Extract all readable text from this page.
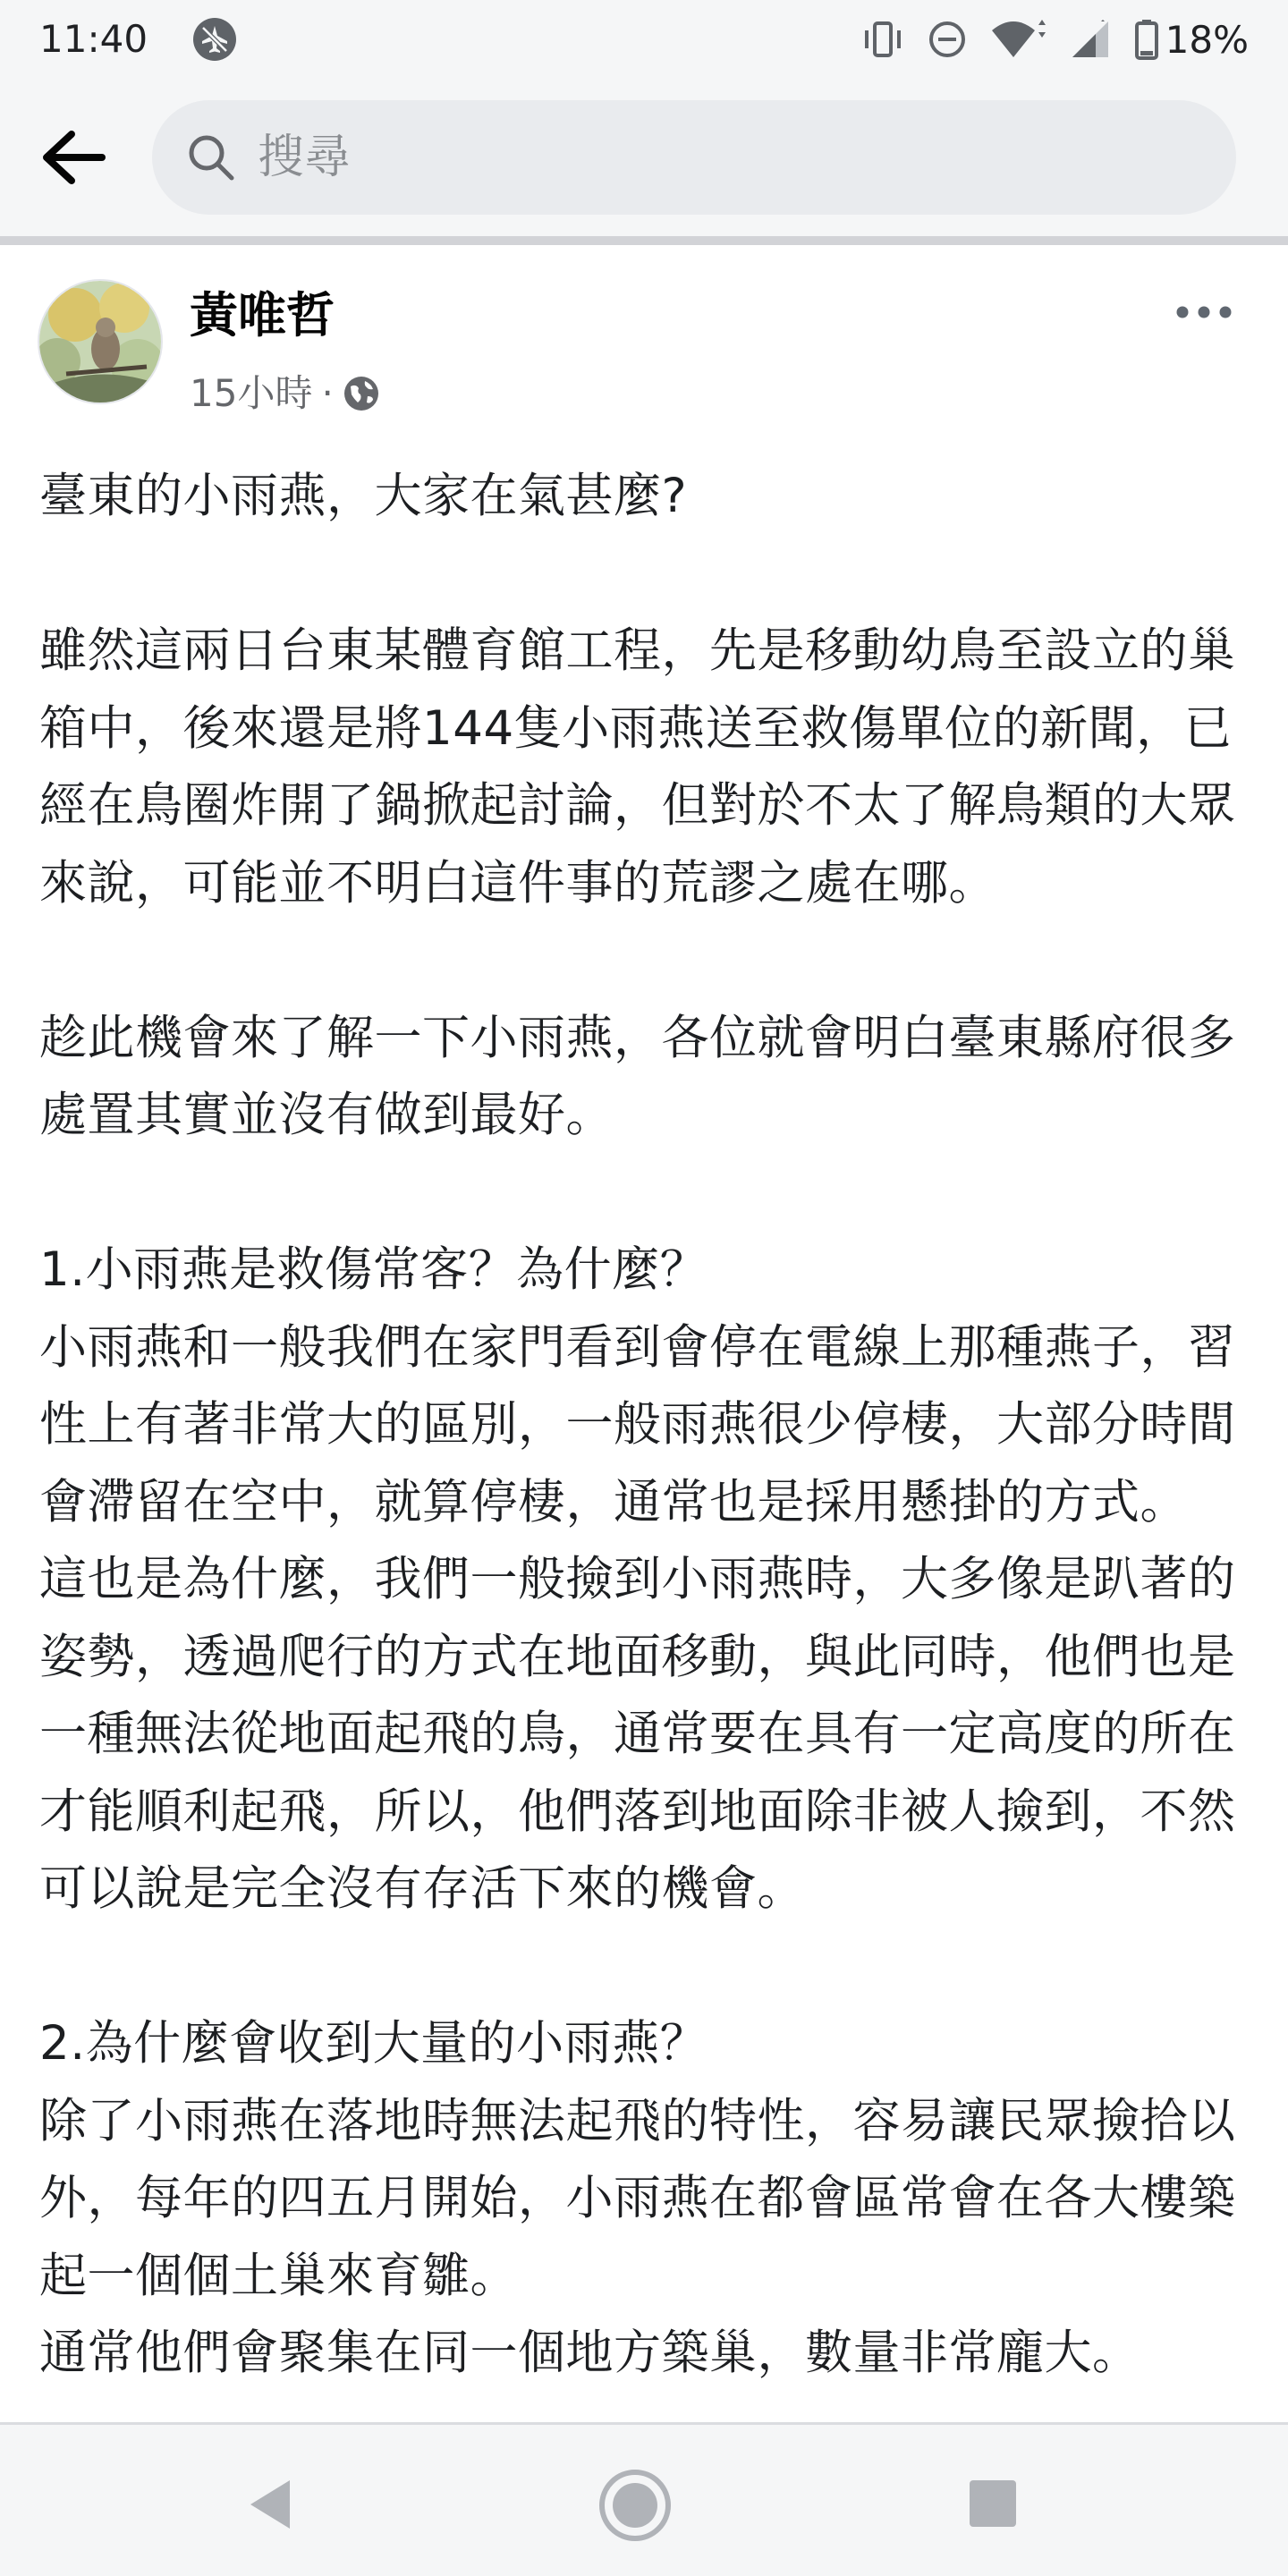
11:40	18%
搜尋
黃唯哲
15小時 ·

臺東的小雨燕，大家在氣甚麼?

雖然這兩日台東某體育館工程，先是移動幼鳥至設立的巢箱中，後來還是將144隻小雨燕送至救傷單位的新聞，已經在鳥圈炸開了鍋掀起討論，但對於不太了解鳥類的大眾來說，可能並不明白這件事的荒謬之處在哪。

趁此機會來了解一下小雨燕，各位就會明白臺東縣府很多處置其實並沒有做到最好。

1.小雨燕是救傷常客？為什麼？

小雨燕和一般我們在家門看到會停在電線上那種燕子，習性上有著非常大的區別，一般雨燕很少停棲，大部分時間會滯留在空中，就算停棲，通常也是採用懸掛的方式。

這也是為什麼，我們一般撿到小雨燕時，大多像是趴著的姿勢，透過爬行的方式在地面移動，與此同時，他們也是一種無法從地面起飛的鳥，通常要在具有一定高度的所在才能順利起飛，所以，他們落到地面除非被人撿到，不然可以說是完全沒有存活下來的機會。

2.為什麼會收到大量的小雨燕？

除了小雨燕在落地時無法起飛的特性，容易讓民眾撿拾以外，每年的四五月開始，小雨燕在都會區常會在各大樓築起一個個土巢來育雛。

通常他們會聚集在同一個地方築巢，數量非常龐大。
